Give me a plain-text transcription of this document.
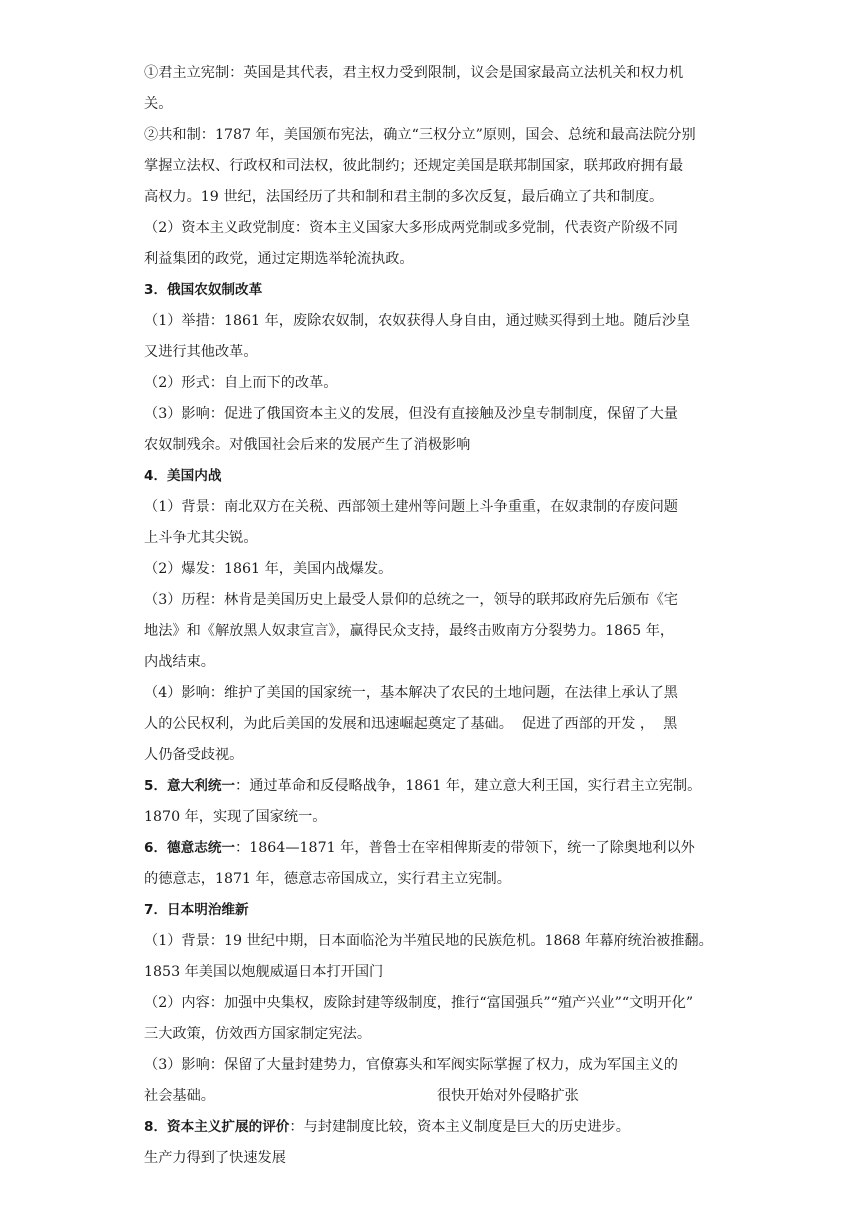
①君主立宪制：英国是其代表，君主权力受到限制，议会是国家最高立法机关和权力机

关。

②共和制：1787 年，美国颁布宪法，确立“三权分立”原则，国会、总统和最高法院分别

掌握立法权、行政权和司法权，彼此制约；还规定美国是联邦制国家，联邦政府拥有最

高权力。19 世纪，法国经历了共和制和君主制的多次反复，最后确立了共和制度。

（2）资本主义政党制度：资本主义国家大多形成两党制或多党制，代表资产阶级不同

利益集团的政党，通过定期选举轮流执政。

3．俄国农奴制改革

（1）举措：1861 年，废除农奴制，农奴获得人身自由，通过赎买得到土地。随后沙皇

又进行其他改革。

（2）形式：自上而下的改革。

（3）影响：促进了俄国资本主义的发展，但没有直接触及沙皇专制制度，保留了大量

农奴制残余。对俄国社会后来的发展产生了消极影响

4．美国内战

（1）背景：南北双方在关税、西部领土建州等问题上斗争重重，在奴隶制的存废问题

上斗争尤其尖锐。

（2）爆发：1861 年，美国内战爆发。

（3）历程：林肯是美国历史上最受人景仰的总统之一，领导的联邦政府先后颁布《宅

地法》和《解放黑人奴隶宣言》，赢得民众支持，最终击败南方分裂势力。1865 年，

内战结束。

（4）影响：维护了美国的国家统一，基本解决了农民的土地问题，在法律上承认了黑

人的公民权利，为此后美国的发展和迅速崛起奠定了基础。  促进了西部的开发 ，  黑

人仍备受歧视。

5．意大利统一：通过革命和反侵略战争，1861 年，建立意大利王国，实行君主立宪制。

1870 年，实现了国家统一。

6．德意志统一：1864—1871 年，普鲁士在宰相俾斯麦的带领下，统一了除奥地利以外

的德意志，1871 年，德意志帝国成立，实行君主立宪制。

7．日本明治维新

（1）背景：19 世纪中期，日本面临沦为半殖民地的民族危机。1868 年幕府统治被推翻。

1853 年美国以炮舰威逼日本打开国门

（2）内容：加强中央集权，废除封建等级制度，推行“富国强兵”“殖产兴业”“文明开化”

三大政策，仿效西方国家制定宪法。

（3）影响：保留了大量封建势力，官僚寡头和军阀实际掌握了权力，成为军国主义的

社会基础。	很快开始对外侵略扩张

8．资本主义扩展的评价：与封建制度比较，资本主义制度是巨大的历史进步。

生产力得到了快速发展
